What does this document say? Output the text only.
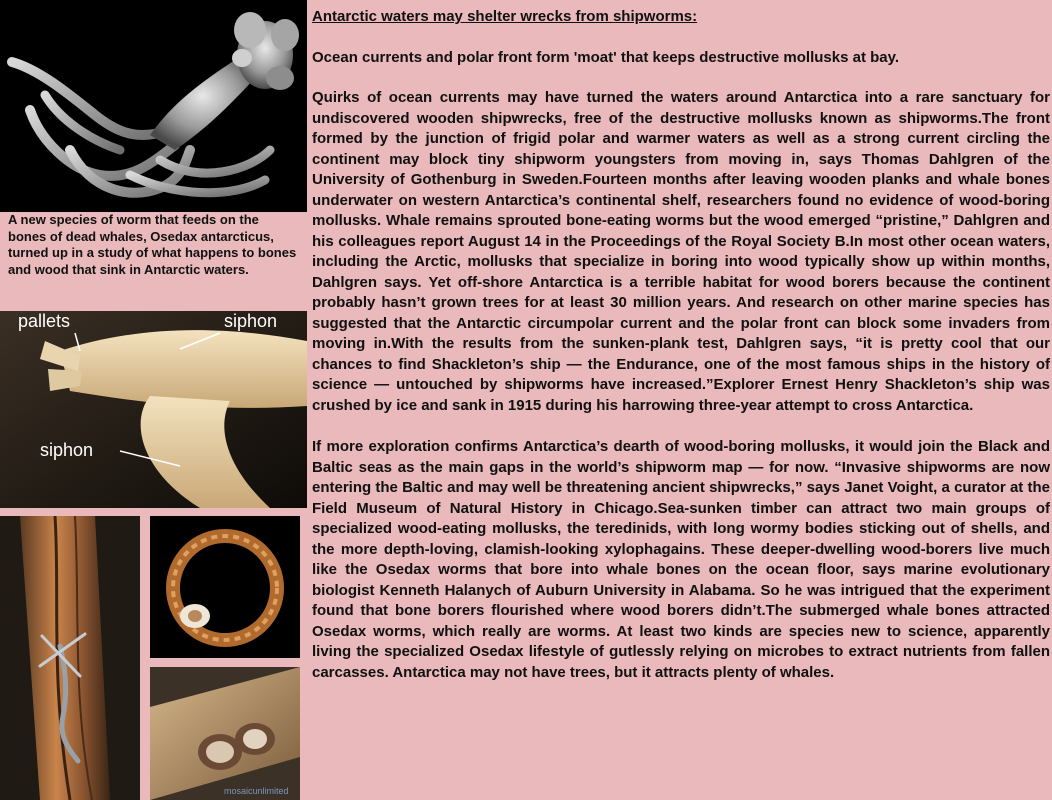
A new species of worm that feeds on the bones of dead whales, Osedax antarcticus, turned up in a study of what happens to bones and wood that sink in Antarctic waters.
pallets	siphon
siphon
mosaicunlimited

Antarctic waters may shelter wrecks from shipworms:

Ocean currents and polar front form 'moat' that keeps destructive mollusks at bay.

Quirks of ocean currents may have turned the waters around Antarctica into a rare sanctuary for undiscovered wooden shipwrecks, free of the destructive mollusks known as shipworms.The front formed by the junction of frigid polar and warmer waters as well as a strong current circling the continent may block tiny shipworm youngsters from moving in, says Thomas Dahlgren of the University of Gothenburg in Sweden.Fourteen months after leaving wooden planks and whale bones underwater on western Antarctica’s continental shelf, researchers found no evidence of wood-boring mollusks. Whale remains sprouted bone-eating worms but the wood emerged “pristine,” Dahlgren and his colleagues report August 14 in the Proceedings of the Royal Society B.In most other ocean waters, including the Arctic, mollusks that specialize in boring into wood typically show up within months, Dahlgren says. Yet off-shore Antarctica is a terrible habitat for wood borers because the continent probably hasn’t grown trees for at least 30 million years. And research on other marine species has suggested that the Antarctic circumpolar current and the polar front can block some invaders from moving in.With the results from the sunken-plank test, Dahlgren says, “it is pretty cool that our chances to find Shackleton’s ship — the Endurance, one of the most famous ships in the history of science — untouched by shipworms have increased.”Explorer Ernest Henry Shackleton’s ship was crushed by ice and sank in 1915 during his harrowing three-year attempt to cross Antarctica.

If more exploration confirms Antarctica’s dearth of wood-boring mollusks, it would join the Black and Baltic seas as the main gaps in the world’s shipworm map — for now. “Invasive shipworms are now entering the Baltic and may well be threatening ancient shipwrecks,” says Janet Voight, a curator at the Field Museum of Natural History in Chicago.Sea-sunken timber can attract two main groups of specialized wood-eating mollusks, the teredinids, with long wormy bodies sticking out of shells, and the more depth-loving, clamish-looking xylophagains. These deeper-dwelling wood-borers live much like the Osedax worms that bore into whale bones on the ocean floor, says marine evolutionary biologist Kenneth Halanych of Auburn University in Alabama. So he was intrigued that the experiment found that bone borers flourished where wood borers didn’t.The submerged whale bones attracted Osedax worms, which really are worms. At least two kinds are species new to science, apparently living the specialized Osedax lifestyle of gutlessly relying on microbes to extract nutrients from fallen carcasses. Antarctica may not have trees, but it attracts plenty of whales.
